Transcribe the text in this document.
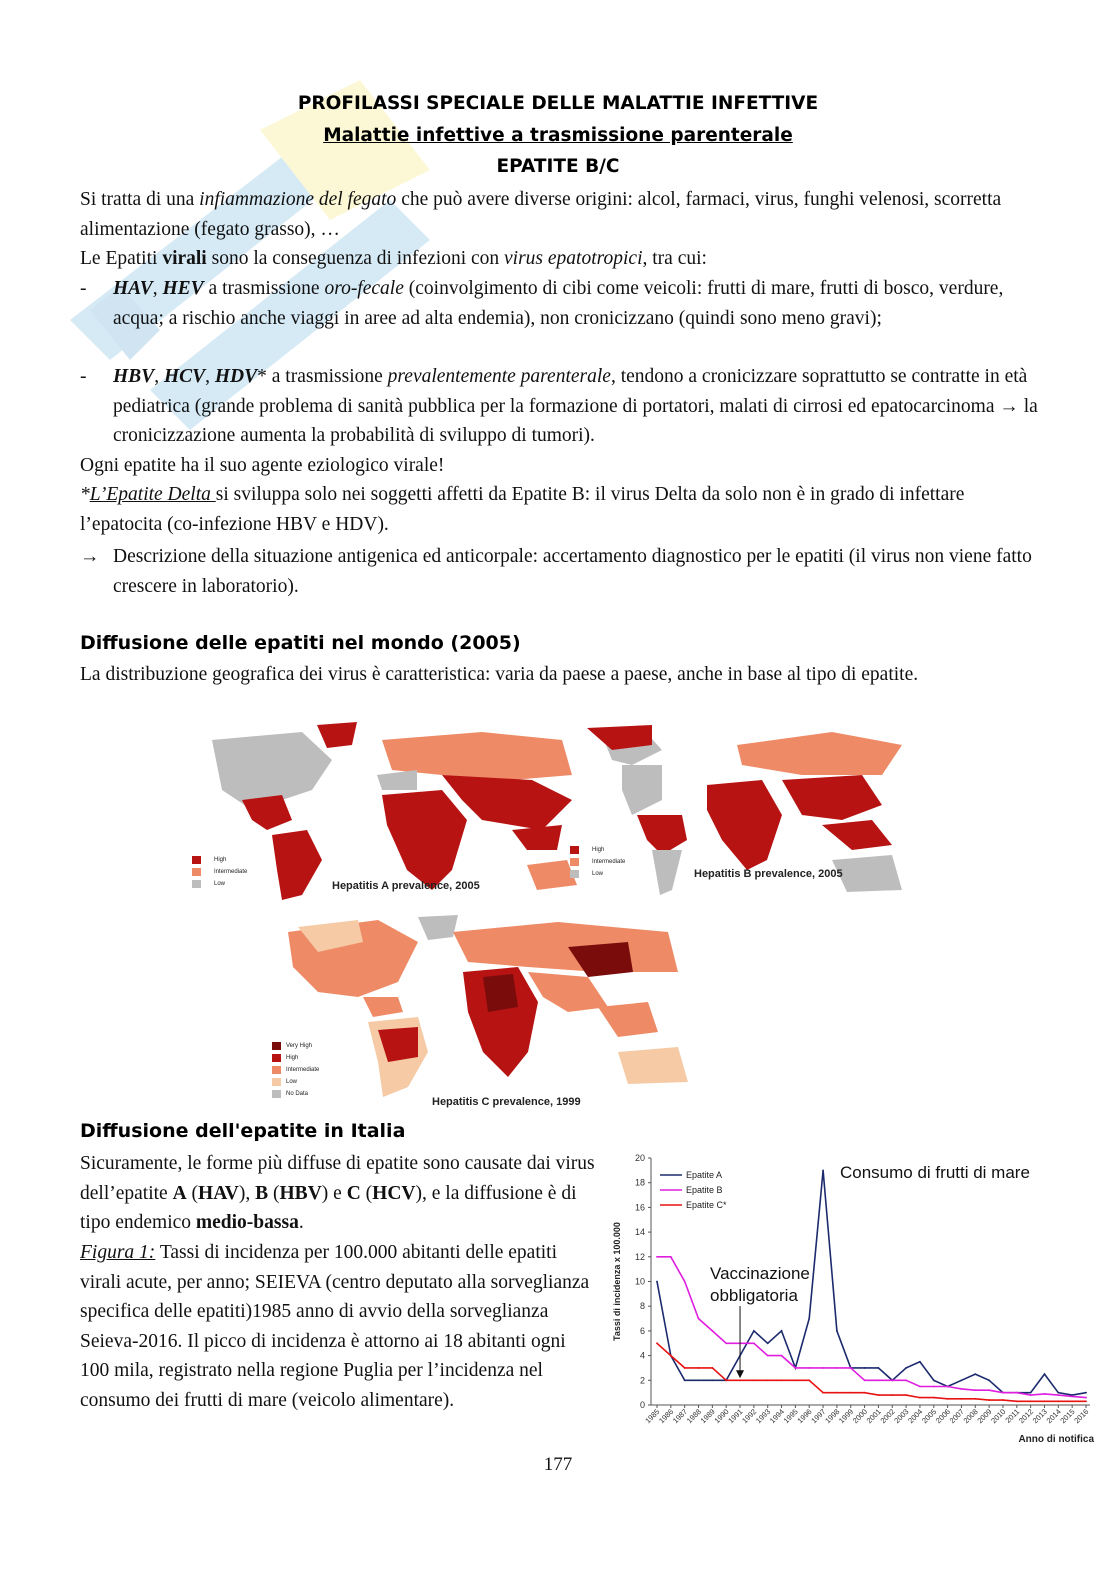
PROFILASSI SPECIALE DELLE MALATTIE INFETTIVE
Malattie infettive a trasmissione parenterale
EPATITE B/C

Si tratta di una infiammazione del fegato che può avere diverse origini: alcol, farmaci, virus, funghi velenosi, scorretta alimentazione (fegato grasso), …

Le Epatiti virali sono la conseguenza di infezioni con virus epatotropici, tra cui:

-	HAV, HEV a trasmissione oro-fecale (coinvolgimento di cibi come veicoli: frutti di mare, frutti di bosco, verdure, acqua; a rischio anche viaggi in aree ad alta endemia), non cronicizzano (quindi sono meno gravi);
-	HBV, HCV, HDV* a trasmissione prevalentemente parenterale, tendono a cronicizzare soprattutto se contratte in età pediatrica (grande problema di sanità pubblica per la formazione di portatori, malati di cirrosi ed epatocarcinoma → la cronicizzazione aumenta la probabilità di sviluppo di tumori).

Ogni epatite ha il suo agente eziologico virale!

*L’Epatite Delta si sviluppa solo nei soggetti affetti da Epatite B: il virus Delta da solo non è in grado di infettare l’epatocita (co-infezione HBV e HDV).

→ Descrizione della situazione antigenica ed anticorpale: accertamento diagnostico per le epatiti (il virus non viene fatto crescere in laboratorio).
Diffusione delle epatiti nel mondo (2005)

La distribuzione geografica dei virus è caratteristica: varia da paese a paese, anche in base al tipo di epatite.

High
Intermediate
Low	Hepatitis A prevalence, 2005
High
Intermediate
Low	Hepatitis B prevalence, 2005
Very High
High
Intermediate
Low
No Data
Hepatitis C prevalence, 1999
Diffusione dell'epatite in Italia

Sicuramente, le forme più diffuse di epatite sono causate dai virus dell’epatite A (HAV), B (HBV) e C (HCV), e la diffusione è di tipo endemico medio-bassa.

Figura 1: Tassi di incidenza per 100.000 abitanti delle epatiti virali acute, per anno; SEIEVA (centro deputato alla sorveglianza specifica delle epatiti)1985 anno di avvio della sorveglianza Seieva-2016. Il picco di incidenza è attorno ai 18 abitanti ogni 100 mila, registrato nella regione Puglia per l’incidenza nel consumo dei frutti di mare (veicolo alimentare).	0
2
4
6
8
10
12
14
16
18
20
1985
1986
1987
1988
1989
1990
1991
1992
1993
1994
1995
1996
1997
1998
1999
2000
2001
2002
2003
2004
2005
2006
2007
2008
2009
2010
2011
2012
2013
2014
2015
2016
Tassi di incidenza x 100.000
Anno di notifica
Epatite A
Epatite B
Epatite C*
Consumo di frutti di mare
Vaccinazione
obbligatoria
177
